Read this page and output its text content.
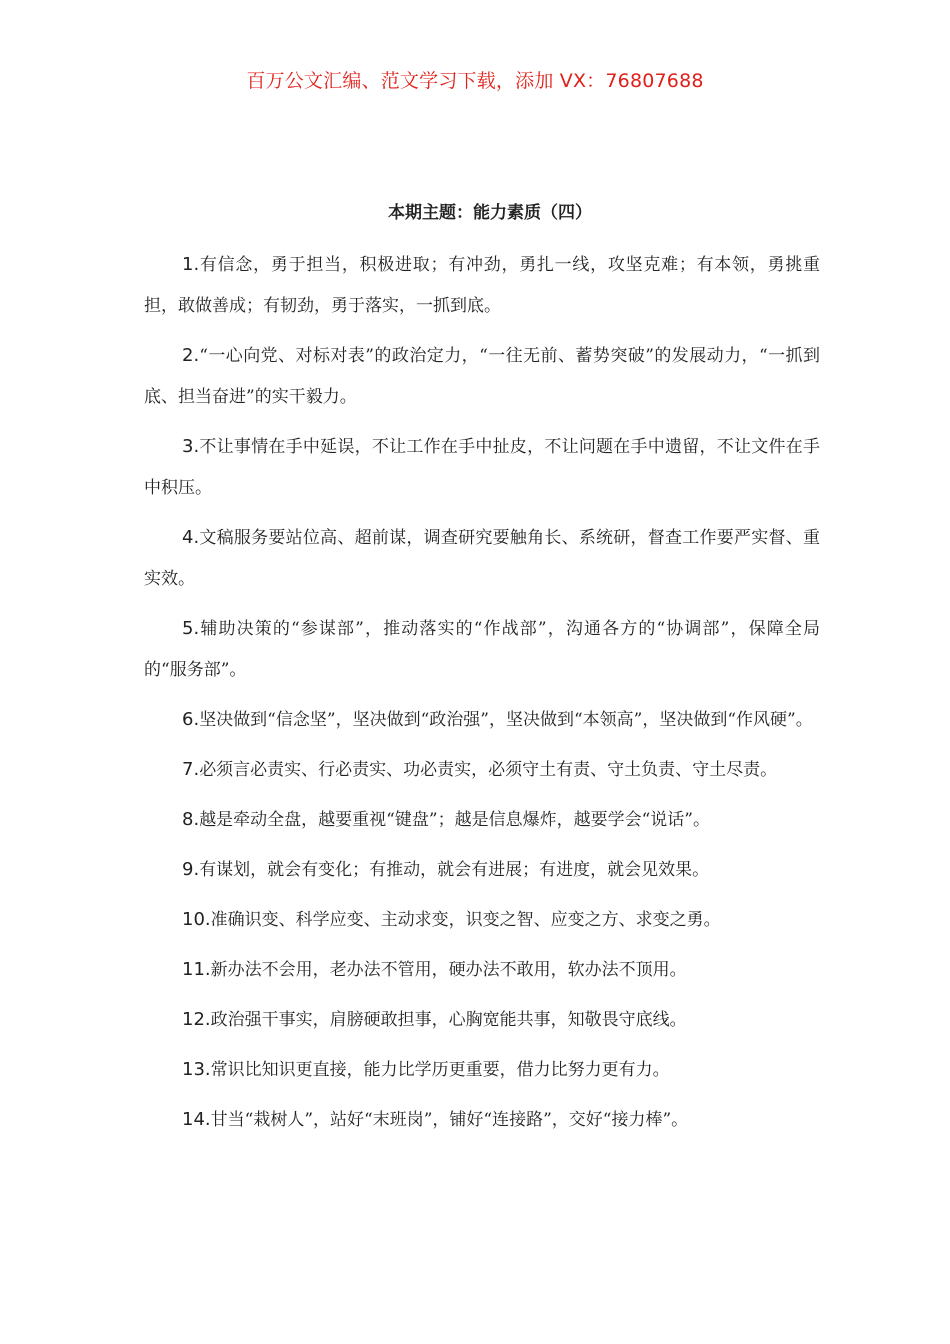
百万公文汇编、范文学习下载，添加 VX：76807688
本期主题：能力素质（四）

1.有信念，勇于担当，积极进取；有冲劲，勇扎一线，攻坚克难；有本领，勇挑重担，敢做善成；有韧劲，勇于落实，一抓到底。

2.“一心向党、对标对表”的政治定力，“一往无前、蓄势突破”的发展动力，“一抓到底、担当奋进”的实干毅力。

3.不让事情在手中延误，不让工作在手中扯皮，不让问题在手中遗留，不让文件在手中积压。

4.文稿服务要站位高、超前谋，调查研究要触角长、系统研，督查工作要严实督、重实效。

5.辅助决策的“参谋部”，推动落实的“作战部”，沟通各方的“协调部”，保障全局的“服务部”。

6.坚决做到“信念坚”，坚决做到“政治强”，坚决做到“本领高”，坚决做到“作风硬”。

7.必须言必责实、行必责实、功必责实，必须守土有责、守土负责、守土尽责。

8.越是牵动全盘，越要重视“键盘”；越是信息爆炸，越要学会“说话”。

9.有谋划，就会有变化；有推动，就会有进展；有进度，就会见效果。

10.准确识变、科学应变、主动求变，识变之智、应变之方、求变之勇。

11.新办法不会用，老办法不管用，硬办法不敢用，软办法不顶用。

12.政治强干事实，肩膀硬敢担事，心胸宽能共事，知敬畏守底线。

13.常识比知识更直接，能力比学历更重要，借力比努力更有力。

14.甘当“栽树人”，站好“末班岗”，铺好“连接路”，交好“接力棒”。
